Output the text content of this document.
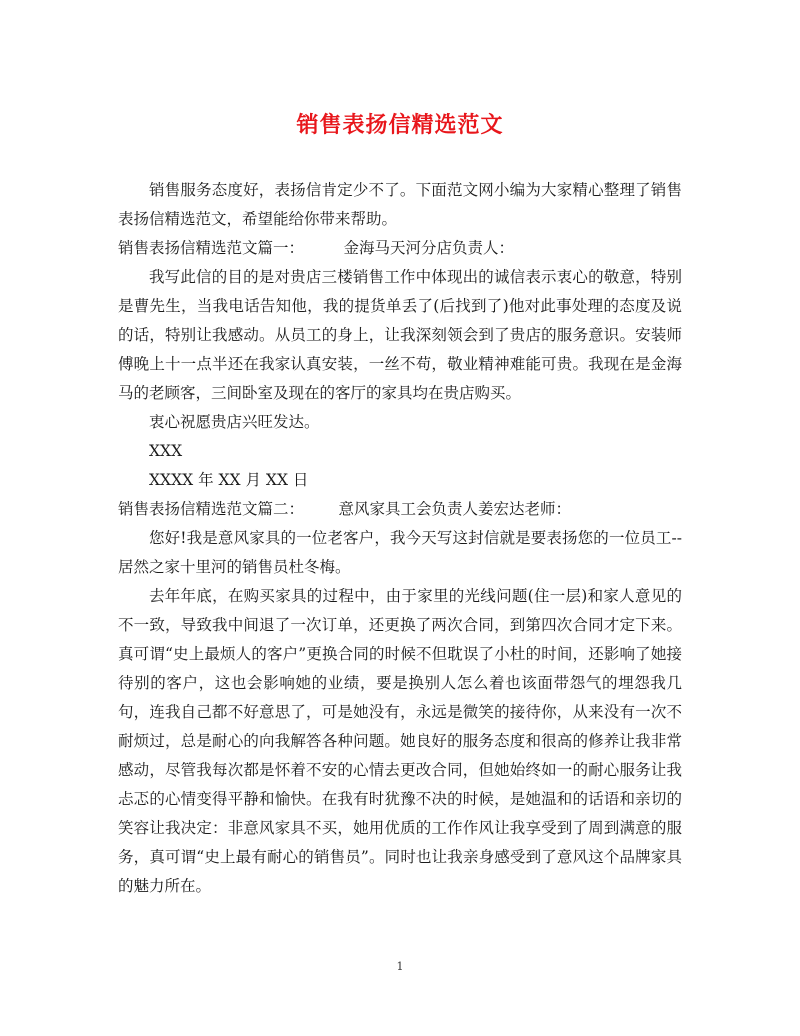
销售表扬信精选范文

销售服务态度好，表扬信肯定少不了。下面范文网小编为大家精心整理了销售表扬信精选范文，希望能给你带来帮助。

销售表扬信精选范文篇一：	金海马天河分店负责人：

我写此信的目的是对贵店三楼销售工作中体现出的诚信表示衷心的敬意，特别是曹先生，当我电话告知他，我的提货单丢了(后找到了)他对此事处理的态度及说的话，特别让我感动。从员工的身上，让我深刻领会到了贵店的服务意识。安装师傅晚上十一点半还在我家认真安装，一丝不苟，敬业精神难能可贵。我现在是金海马的老顾客，三间卧室及现在的客厅的家具均在贵店购买。

衷心祝愿贵店兴旺发达。

XXX

XXXX 年 XX 月 XX 日

销售表扬信精选范文篇二： 意风家具工会负责人姜宏达老师：

您好!我是意风家具的一位老客户，我今天写这封信就是要表扬您的一位员工--居然之家十里河的销售员杜冬梅。

去年年底，在购买家具的过程中，由于家里的光线问题(住一层)和家人意见的不一致，导致我中间退了一次订单，还更换了两次合同，到第四次合同才定下来。真可谓“史上最烦人的客户”更换合同的时候不但耽误了小杜的时间，还影响了她接待别的客户，这也会影响她的业绩，要是换别人怎么着也该面带怨气的埋怨我几句，连我自己都不好意思了，可是她没有，永远是微笑的接待你，从来没有一次不耐烦过，总是耐心的向我解答各种问题。她良好的服务态度和很高的修养让我非常感动，尽管我每次都是怀着不安的心情去更改合同，但她始终如一的耐心服务让我忐忑的心情变得平静和愉快。在我有时犹豫不决的时候，是她温和的话语和亲切的笑容让我决定：非意风家具不买，她用优质的工作作风让我享受到了周到满意的服务，真可谓“史上最有耐心的销售员”。同时也让我亲身感受到了意风这个品牌家具的魅力所在。

1
